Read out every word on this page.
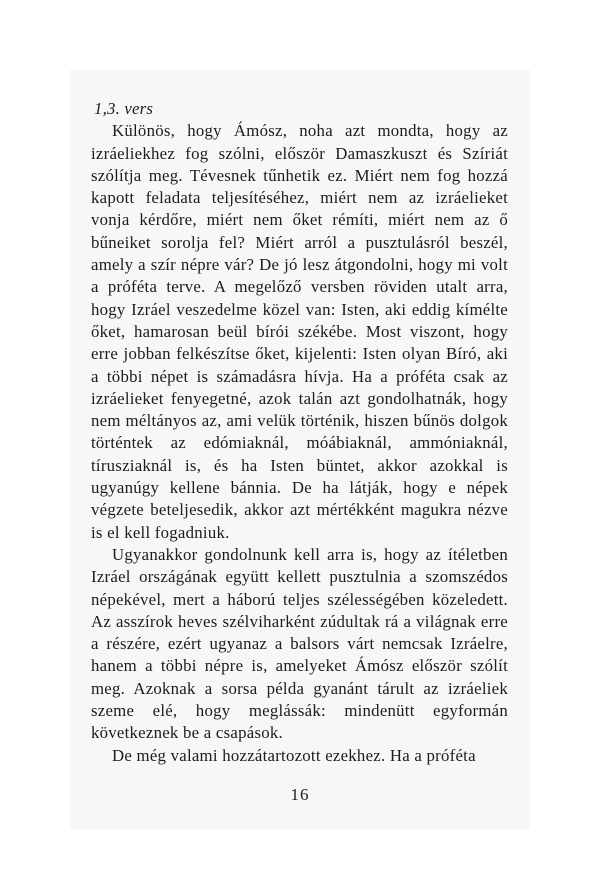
1,3. vers

Különös, hogy Ámósz, noha azt mondta, hogy az izráeliekhez fog szólni, először Damaszkuszt és Szíriát szólítja meg. Tévesnek tűnhetik ez. Miért nem fog hozzá kapott feladata teljesítéséhez, miért nem az izráelieket vonja kérdőre, miért nem őket rémíti, miért nem az ő bűneiket sorolja fel? Miért arról a pusztulásról beszél, amely a szír népre vár? De jó lesz átgondolni, hogy mi volt a próféta terve. A megelőző versben röviden utalt arra, hogy Izráel veszedelme közel van: Isten, aki eddig kímélte őket, hamarosan beül bírói székébe. Most viszont, hogy erre jobban felkészítse őket, kijelenti: Isten olyan Bíró, aki a többi népet is számadásra hívja. Ha a próféta csak az izráelieket fenyegetné, azok talán azt gondolhatnák, hogy nem méltányos az, ami velük történik, hiszen bűnös dolgok történtek az edómiaknál, móábiaknál, ammóniaknál, tírusziaknál is, és ha Isten büntet, akkor azokkal is ugyanúgy kellene bánnia. De ha látják, hogy e népek végzete beteljesedik, akkor azt mértékként magukra nézve is el kell fogadniuk.

Ugyanakkor gondolnunk kell arra is, hogy az ítéletben Izráel országának együtt kellett pusztulnia a szomszédos népekével, mert a háború teljes szélességében közeledett. Az asszírok heves szélviharként zúdultak rá a világnak erre a részére, ezért ugyanaz a balsors várt nemcsak Izráelre, hanem a többi népre is, amelyeket Ámósz először szólít meg. Azoknak a sorsa példa gyanánt tárult az izráeliek szeme elé, hogy meglássák: mindenütt egyformán következnek be a csapások.

De még valami hozzátartozott ezekhez. Ha a próféta

16
